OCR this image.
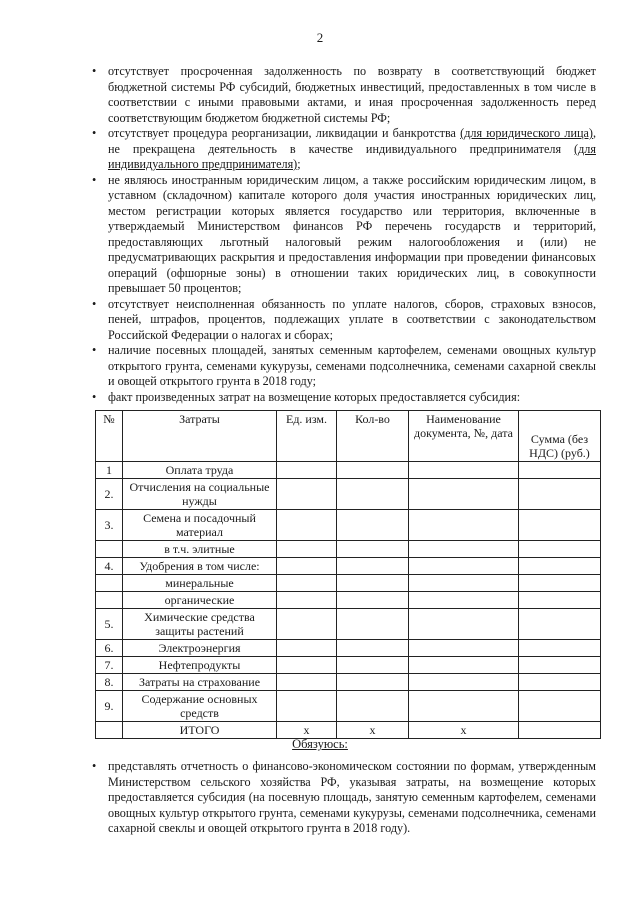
2
• отсутствует просроченная задолженность по возврату в соответствующий бюджет бюджетной системы РФ субсидий, бюджетных инвестиций, предоставленных в том числе в соответствии с иными правовыми актами, и иная просроченная задолженность перед соответствующим бюджетом бюджетной системы РФ;
• отсутствует процедура реорганизации, ликвидации и банкротства (для юридического лица), не прекращена деятельность в качестве индивидуального предпринимателя (для индивидуального предпринимателя);
• не являюсь иностранным юридическим лицом, а также российским юридическим лицом, в уставном (складочном) капитале которого доля участия иностранных юридических лиц, местом регистрации которых является государство или территория, включенные в утверждаемый Министерством финансов РФ перечень государств и территорий, предоставляющих льготный налоговый режим налогообложения и (или) не предусматривающих раскрытия и предоставления информации при проведении финансовых операций (офшорные зоны) в отношении таких юридических лиц, в совокупности превышает 50 процентов;
• отсутствует неисполненная обязанность по уплате налогов, сборов, страховых взносов, пеней, штрафов, процентов, подлежащих уплате в соответствии с законодательством Российской Федерации о налогах и сборах;
• наличие посевных площадей, занятых семенным картофелем, семенами овощных культур открытого грунта, семенами кукурузы, семенами подсолнечника, семенами сахарной свеклы и овощей открытого грунта в 2018 году;
• факт произведенных затрат на возмещение которых предоставляется субсидия:
№	Затраты	Ед. изм.	Кол-во	Наименование документа, №, дата	Сумма (без НДС) (руб.)
1	Оплата труда				
2.	Отчисления на социальные нужды				
3.	Семена и посадочный материал				
	в т.ч. элитные				
4.	Удобрения в том числе:				
	минеральные				
	органические				
5.	Химические средства защиты растений				
6.	Электроэнергия				
7.	Нефтепродукты				
8.	Затраты на страхование				
9.	Содержание основных средств				
	ИТОГО	х	х	х	
Обязуюсь:
• представлять отчетность о финансово-экономическом состоянии по формам, утвержденным Министерством сельского хозяйства РФ, указывая затраты, на возмещение которых предоставляется субсидия (на посевную площадь, занятую семенным картофелем, семенами овощных культур открытого грунта, семенами кукурузы, семенами подсолнечника, семенами сахарной свеклы и овощей открытого грунта в 2018 году).
